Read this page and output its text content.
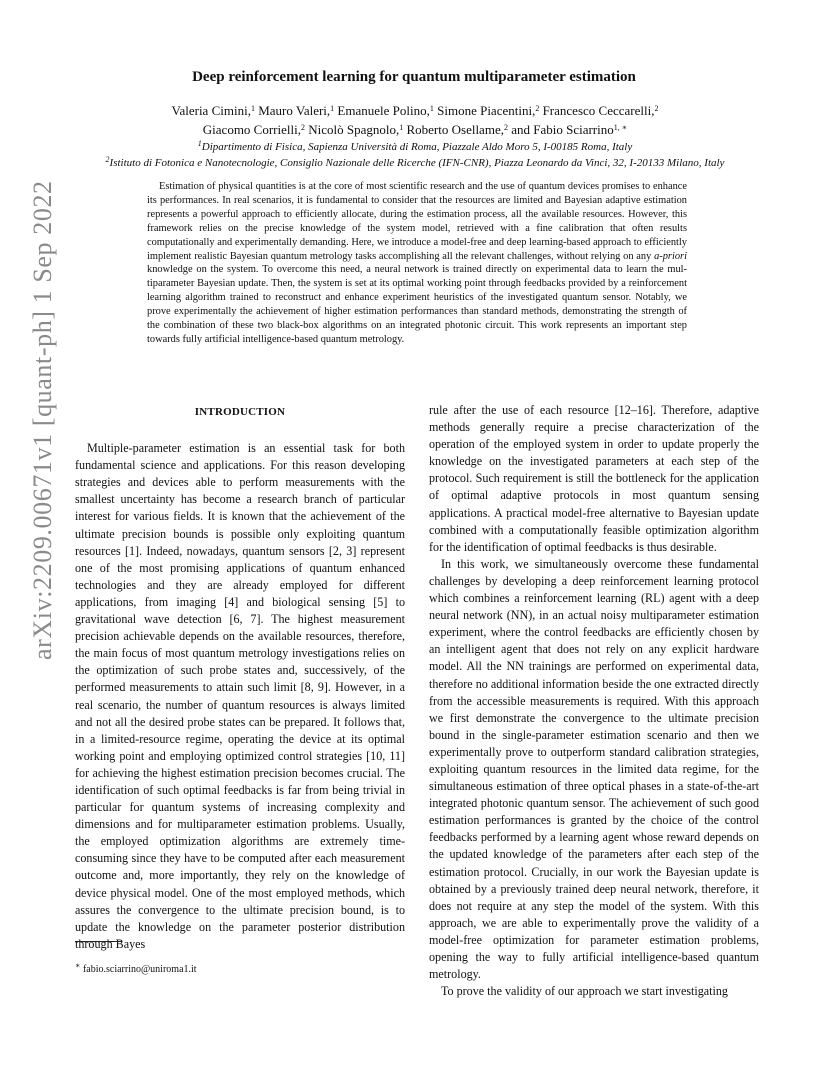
arXiv:2209.00671v1 [quant-ph] 1 Sep 2022
Deep reinforcement learning for quantum multiparameter estimation
Valeria Cimini,$^1$ Mauro Valeri,$^1$ Emanuele Polino,$^1$ Simone Piacentini,$^2$ Francesco Ceccarelli,$^2$
Giacomo Corrielli,$^2$ Nicolò Spagnolo,$^1$ Roberto Osellame,$^2$ and Fabio Sciarrino$^{1, ∗}$
$^1$Dipartimento di Fisica, Sapienza Università di Roma, Piazzale Aldo Moro 5, I-00185 Roma, Italy
$^2$Istituto di Fotonica e Nanotecnologie, Consiglio Nazionale delle Ricerche (IFN-CNR), Piazza Leonardo da Vinci, 32, I-20133 Milano, Italy

Estimation of physical quantities is at the core of most scientific research and the use of quantum devices promises to enhance its performances. In real scenarios, it is fundamental to consider that the resources are limited and Bayesian adaptive estimation represents a powerful approach to efficiently allocate, during the estimation process, all the available resources. However, this framework relies on the precise knowledge of the system model, retrieved with a fine calibration that often results computationally and experimentally demanding. Here, we introduce a model-free and deep learning-based approach to efficiently implement realistic Bayesian quantum metrology tasks accomplishing all the relevant challenges, without relying on any a-priori knowledge on the system. To overcome this need, a neural network is trained directly on experimental data to learn the multiparameter Bayesian update. Then, the system is set at its optimal working point through feedbacks provided by a reinforcement learning algorithm trained to reconstruct and enhance experiment heuristics of the investigated quantum sensor. Notably, we prove experimentally the achievement of higher estimation performances than standard methods, demonstrating the strength of the combination of these two black-box algorithms on an integrated photonic circuit. This work represents an important step towards fully artificial intelligence-based quantum metrology.

INTRODUCTION

Multiple-parameter estimation is an essential task for both fundamental science and applications. For this reason developing strategies and devices able to perform measurements with the smallest uncertainty has become a research branch of particular interest for various fields. It is known that the achievement of the ultimate precision bounds is possible only exploiting quantum resources [1]. Indeed, nowadays, quantum sensors [2, 3] represent one of the most promising applications of quantum enhanced technologies and they are already employed for different applications, from imaging [4] and biological sensing [5] to gravitational wave detection [6, 7]. The highest measurement precision achievable depends on the available resources, therefore, the main focus of most quantum metrology investigations relies on the optimization of such probe states and, successively, of the performed measurements to attain such limit [8, 9]. However, in a real scenario, the number of quantum resources is always limited and not all the desired probe states can be prepared. It follows that, in a limited-resource regime, operating the device at its optimal working point and employing optimized control strategies [10, 11] for achieving the highest estimation precision becomes crucial. The identification of such optimal feedbacks is far from being trivial in particular for quantum systems of increasing complexity and dimensions and for multiparameter estimation problems. Usually, the employed optimization algorithms are extremely time-consuming since they have to be computed after each measurement outcome and, more importantly, they rely on the knowledge of device physical model. One of the most employed methods, which assures the convergence to the ultimate precision bound, is to update the knowledge on the parameter posterior distribution through Bayes

rule after the use of each resource [12–16]. Therefore, adaptive methods generally require a precise characterization of the operation of the employed system in order to update properly the knowledge on the investigated parameters at each step of the protocol. Such requirement is still the bottleneck for the application of optimal adaptive protocols in most quantum sensing applications. A practical model-free alternative to Bayesian update combined with a computationally feasible optimization algorithm for the identification of optimal feedbacks is thus desirable.

In this work, we simultaneously overcome these fundamental challenges by developing a deep reinforcement learning protocol which combines a reinforcement learning (RL) agent with a deep neural network (NN), in an actual noisy multiparameter estimation experiment, where the control feedbacks are efficiently chosen by an intelligent agent that does not rely on any explicit hardware model. All the NN trainings are performed on experimental data, therefore no additional information beside the one extracted directly from the accessible measurements is required. With this approach we first demonstrate the convergence to the ultimate precision bound in the single-parameter estimation scenario and then we experimentally prove to outperform standard calibration strategies, exploiting quantum resources in the limited data regime, for the simultaneous estimation of three optical phases in a state-of-the-art integrated photonic quantum sensor. The achievement of such good estimation performances is granted by the choice of the control feedbacks performed by a learning agent whose reward depends on the updated knowledge of the parameters after each step of the estimation protocol. Crucially, in our work the Bayesian update is obtained by a previously trained deep neural network, therefore, it does not require at any step the model of the system. With this approach, we are able to experimentally prove the validity of a model-free optimization for parameter estimation problems, opening the way to fully artificial intelligence-based quantum metrology.

To prove the validity of our approach we start investigating

∗ fabio.sciarrino@uniroma1.it
